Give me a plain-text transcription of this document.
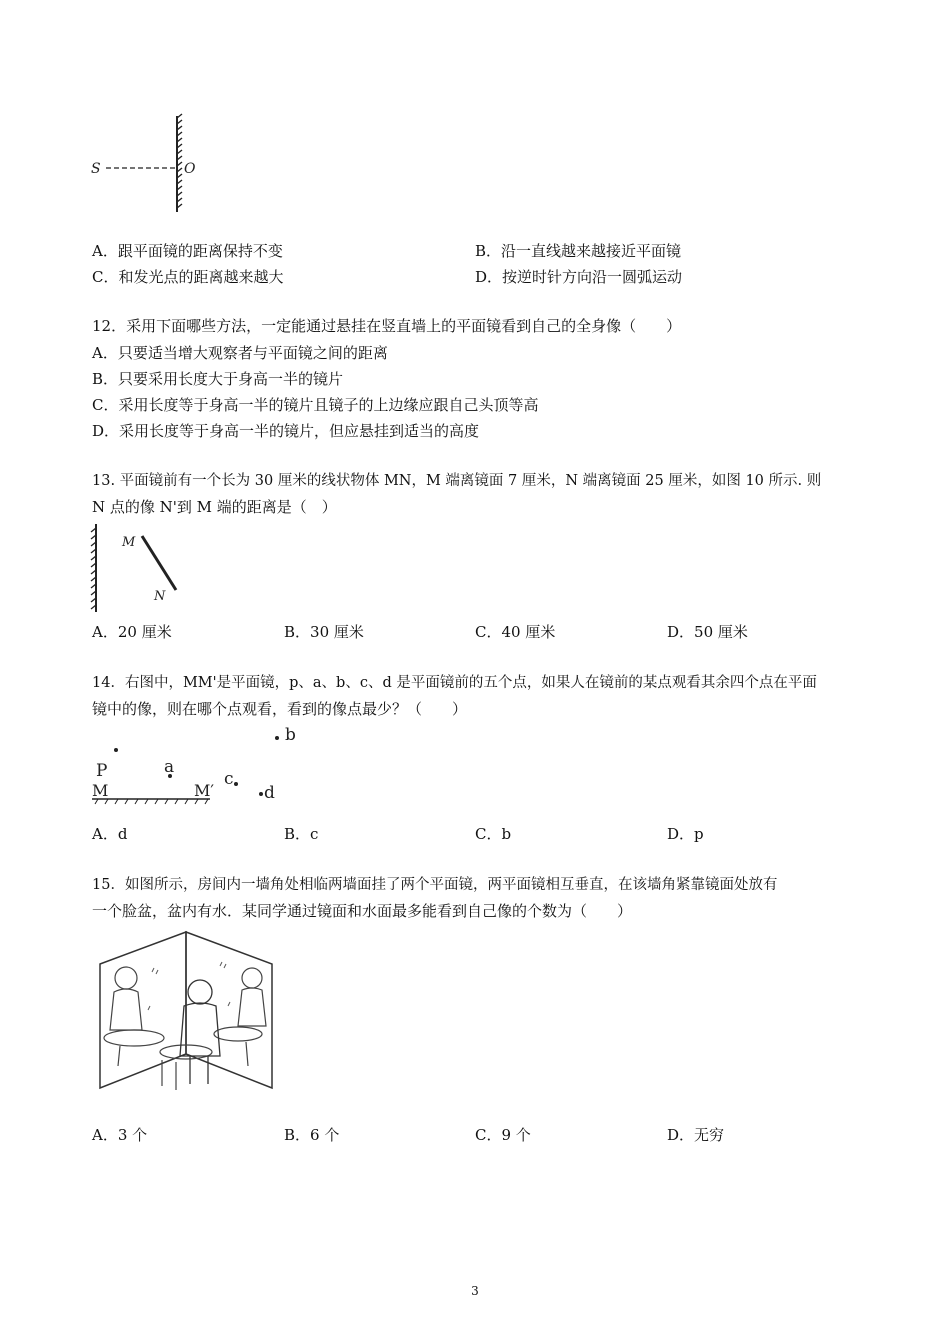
S	O
A．跟平面镜的距离保持不变	B．沿一直线越来越接近平面镜
C．和发光点的距离越来越大	D．按逆时针方向沿一圆弧运动
12．采用下面哪些方法，一定能通过悬挂在竖直墙上的平面镜看到自己的全身像（　　）
A．只要适当增大观察者与平面镜之间的距离
B．只要采用长度大于身高一半的镜片
C．采用长度等于身高一半的镜片且镜子的上边缘应跟自己头顶等高
D．采用长度等于身高一半的镜片，但应悬挂到适当的高度
13. 平面镜前有一个长为 30 厘米的线状物体 MN，M 端离镜面 7 厘米，N 端离镜面 25 厘米，如图 10 所示. 则
N 点的像 N'到 M 端的距离是（　）
M
N
A．20 厘米	B．30 厘米	C．40 厘米	D．50 厘米
14．右图中，MM'是平面镜，p、a、b、c、d 是平面镜前的五个点，如果人在镜前的某点观看其余四个点在平面
镜中的像，则在哪个点观看，看到的像点最少？（　　）
b
P	a
c
d
M	M′
A．d	B．c	C．b	D．p
15．如图所示，房间内一墙角处相临两墙面挂了两个平面镜，两平面镜相互垂直，在该墙角紧靠镜面处放有
一个脸盆，盆内有水．某同学通过镜面和水面最多能看到自己像的个数为（　　）
A．3 个	B．6 个	C．9 个	D．无穷
3
